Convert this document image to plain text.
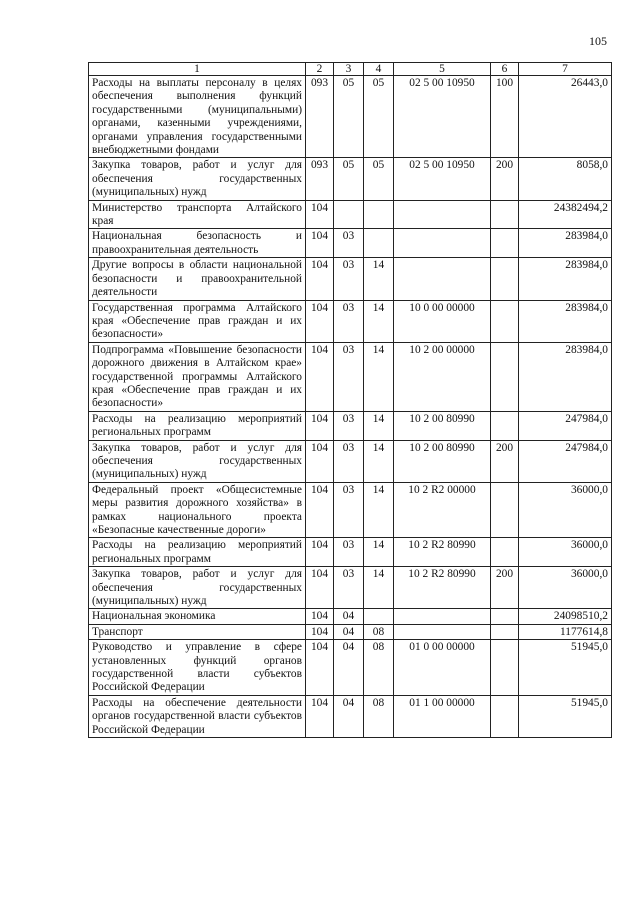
105
1	2	3	4	5	6	7
Расходы на выплаты персоналу в целях обеспечения выполнения функций государственными (муниципальными) органами, казенными учреждениями, органами управления государственными внебюджетными фондами	093	05	05	02 5 00 10950	100	26443,0
Закупка товаров, работ и услуг для обеспечения государственных (муниципальных) нужд	093	05	05	02 5 00 10950	200	8058,0
Министерство транспорта Алтайского края	104					24382494,2
Национальная безопасность и правоохранительная деятельность	104	03				283984,0
Другие вопросы в области национальной безопасности и правоохранительной деятельности	104	03	14			283984,0
Государственная программа Алтайского края «Обеспечение прав граждан и их безопасности»	104	03	14	10 0 00 00000		283984,0
Подпрограмма «Повышение безопасности дорожного движения в Алтайском крае» государственной программы Алтайского края «Обеспечение прав граждан и их безопасности»	104	03	14	10 2 00 00000		283984,0
Расходы на реализацию мероприятий региональных программ	104	03	14	10 2 00 80990		247984,0
Закупка товаров, работ и услуг для обеспечения государственных (муниципальных) нужд	104	03	14	10 2 00 80990	200	247984,0
Федеральный проект «Общесистемные меры развития дорожного хозяйства» в рамках национального проекта «Безопасные качественные дороги»	104	03	14	10 2 R2 00000		36000,0
Расходы на реализацию мероприятий региональных программ	104	03	14	10 2 R2 80990		36000,0
Закупка товаров, работ и услуг для обеспечения государственных (муниципальных) нужд	104	03	14	10 2 R2 80990	200	36000,0
Национальная экономика	104	04				24098510,2
Транспорт	104	04	08			1177614,8
Руководство и управление в сфере установленных функций органов государственной власти субъектов Российской Федерации	104	04	08	01 0 00 00000		51945,0
Расходы на обеспечение деятельности органов государственной власти субъектов Российской Федерации	104	04	08	01 1 00 00000		51945,0
